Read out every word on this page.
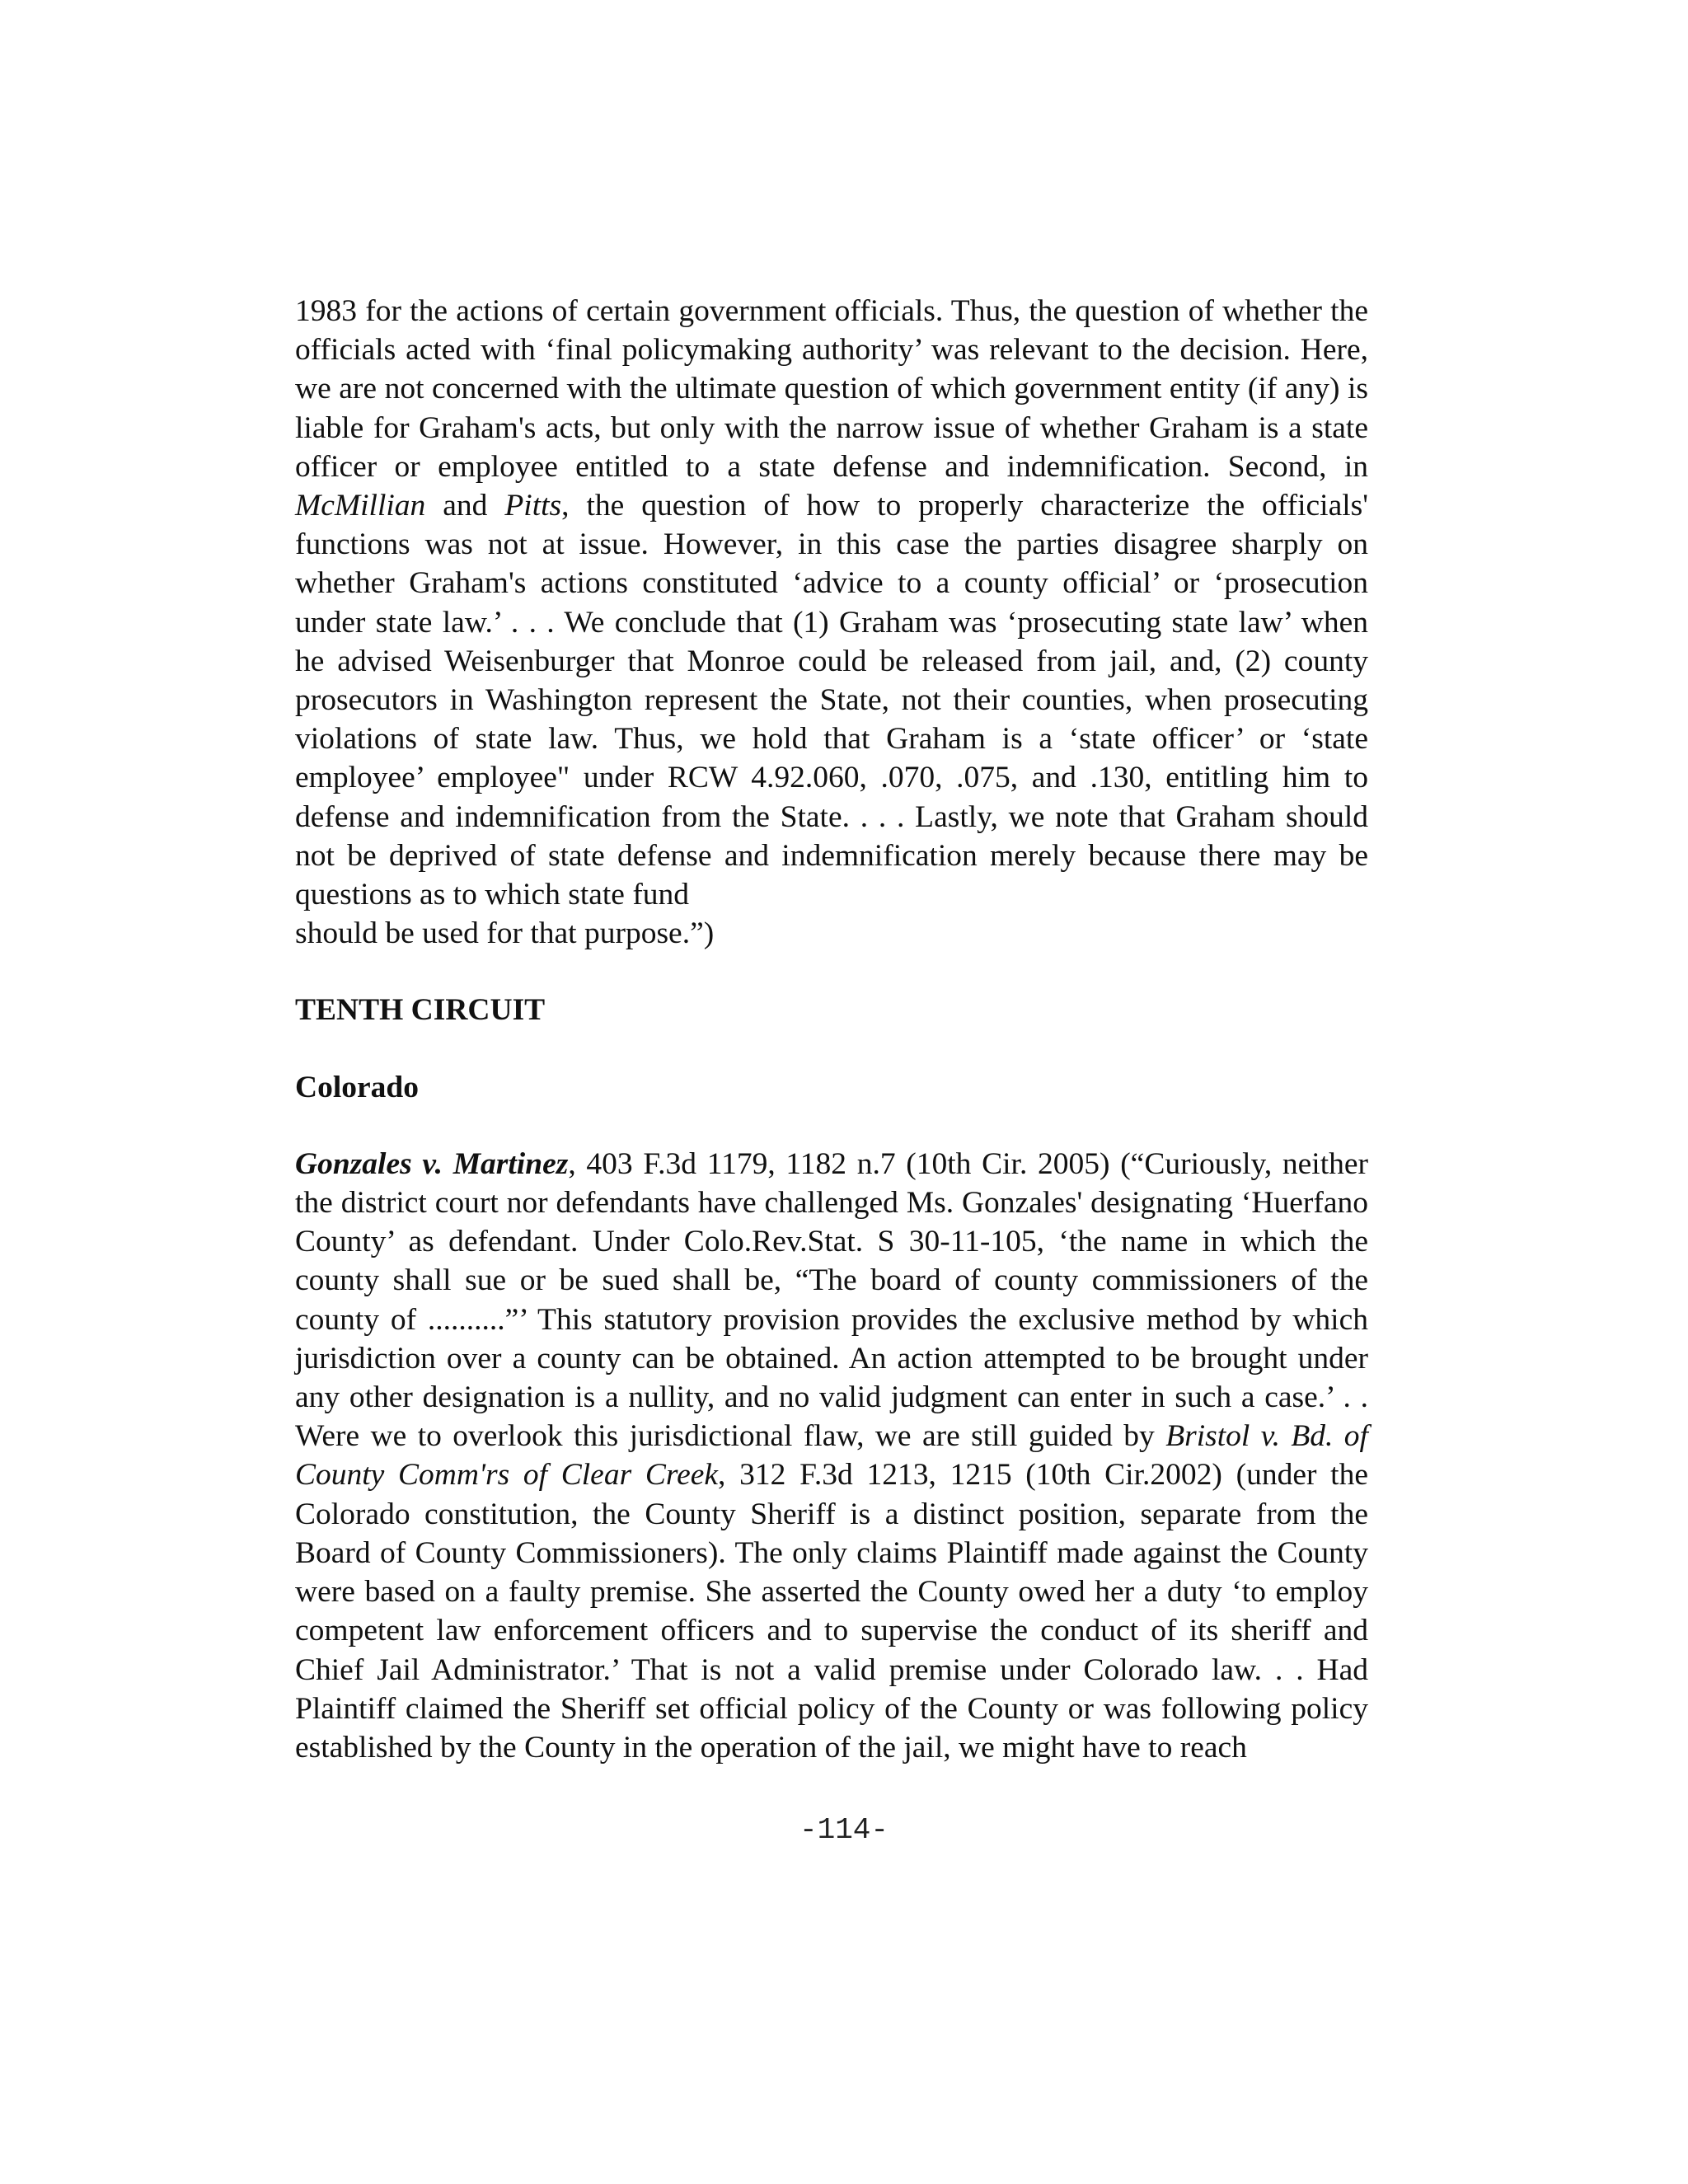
1983 for the actions of certain government officials. Thus, the question of whether the officials acted with ‘final policymaking authority’ was relevant to the decision. Here, we are not concerned with the ultimate question of which government entity (if any) is liable for Graham's acts, but only with the narrow issue of whether Graham is a state officer or employee entitled to a state defense and indemnification. Second, in McMillian and Pitts, the question of how to properly characterize the officials' functions was not at issue. However, in this case the parties disagree sharply on whether Graham's actions constituted ‘advice to a county official’ or ‘prosecution under state law.’ . . . We conclude that (1) Graham was ‘prosecuting state law’ when he advised Weisenburger that Monroe could be released from jail, and, (2) county prosecutors in Washington represent the State, not their counties, when prosecuting violations of state law. Thus, we hold that Graham is a ‘state officer’ or ‘state employee’ employee" under RCW 4.92.060, .070, .075, and .130, entitling him to defense and indemnification from the State. . . . Lastly, we note that Graham should not be deprived of state defense and indemnification merely because there may be questions as to which state fund

should be used for that purpose.”)

TENTH CIRCUIT

Colorado

Gonzales v. Martinez, 403 F.3d 1179, 1182 n.7 (10th Cir. 2005) (“Curiously, neither the district court nor defendants have challenged Ms. Gonzales' designating ‘Huerfano County’ as defendant. Under Colo.Rev.Stat. S 30-11-105, ‘the name in which the county shall sue or be sued shall be, “The board of county commissioners of the county of ..........”’ This statutory provision provides the exclusive method by which jurisdiction over a county can be obtained. An action attempted to be brought under any other designation is a nullity, and no valid judgment can enter in such a case.’ . . Were we to overlook this jurisdictional flaw, we are still guided by Bristol v. Bd. of County Comm'rs of Clear Creek, 312 F.3d 1213, 1215 (10th Cir.2002) (under the Colorado constitution, the County Sheriff is a distinct position, separate from the Board of County Commissioners). The only claims Plaintiff made against the County were based on a faulty premise. She asserted the County owed her a duty ‘to employ competent law enforcement officers and to supervise the conduct of its sheriff and Chief Jail Administrator.’ That is not a valid premise under Colorado law. . . Had Plaintiff claimed the Sheriff set official policy of the County or was following policy established by the County in the operation of the jail, we might have to reach

-114-
